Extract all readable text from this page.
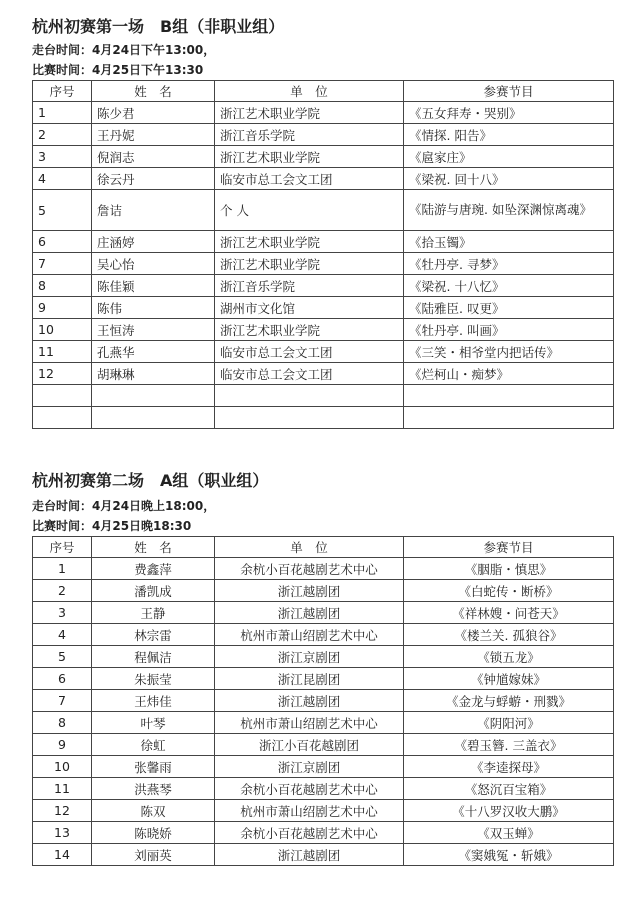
杭州初赛第一场　B组（非职业组）
走台时间：4月24日下午13:00，
比赛时间：4月25日下午13:30
序号	姓　名	单　位	参赛节目
1	陈少君	浙江艺术职业学院	《五女拜寿・哭别》
2	王丹妮	浙江音乐学院	《情探. 阳告》
3	倪润志	浙江艺术职业学院	《扈家庄》
4	徐云丹	临安市总工会文工团	《梁祝. 回十八》
5	詹诘	个 人	《陆游与唐琬. 如坠深渊惊离魂》
6	庄涵婷	浙江艺术职业学院	《拾玉镯》
7	吴心怡	浙江艺术职业学院	《牡丹亭. 寻梦》
8	陈佳颖	浙江音乐学院	《梁祝. 十八忆》
9	陈伟	湖州市文化馆	《陆雅臣. 叹更》
10	王恒涛	浙江艺术职业学院	《牡丹亭. 叫画》
11	孔燕华	临安市总工会文工团	《三笑・相爷堂内把话传》
12	胡琳琳	临安市总工会文工团	《烂柯山・痴梦》

杭州初赛第二场　A组（职业组）
走台时间：4月24日晚上18:00，
比赛时间：4月25日晚18:30
序号	姓　名	单　位	参赛节目
1	费鑫萍	余杭小百花越剧艺术中心	《胭脂・慎思》
2	潘凯成	浙江越剧团	《白蛇传・断桥》
3	王静	浙江越剧团	《祥林嫂・问苍天》
4	林宗雷	杭州市萧山绍剧艺术中心	《楼兰关. 孤狼谷》
5	程佩洁	浙江京剧团	《锁五龙》
6	朱振莹	浙江昆剧团	《钟馗嫁妹》
7	王炜佳	浙江越剧团	《金龙与蜉蝣・刑戮》
8	叶琴	杭州市萧山绍剧艺术中心	《阴阳河》
9	徐虹	浙江小百花越剧团	《碧玉簪. 三盖衣》
10	张馨雨	浙江京剧团	《李逵探母》
11	洪燕琴	余杭小百花越剧艺术中心	《怒沉百宝箱》
12	陈双	杭州市萧山绍剧艺术中心	《十八罗汉收大鹏》
13	陈晓娇	余杭小百花越剧艺术中心	《双玉蝉》
14	刘丽英	浙江越剧团	《窦娥冤・斩娥》
